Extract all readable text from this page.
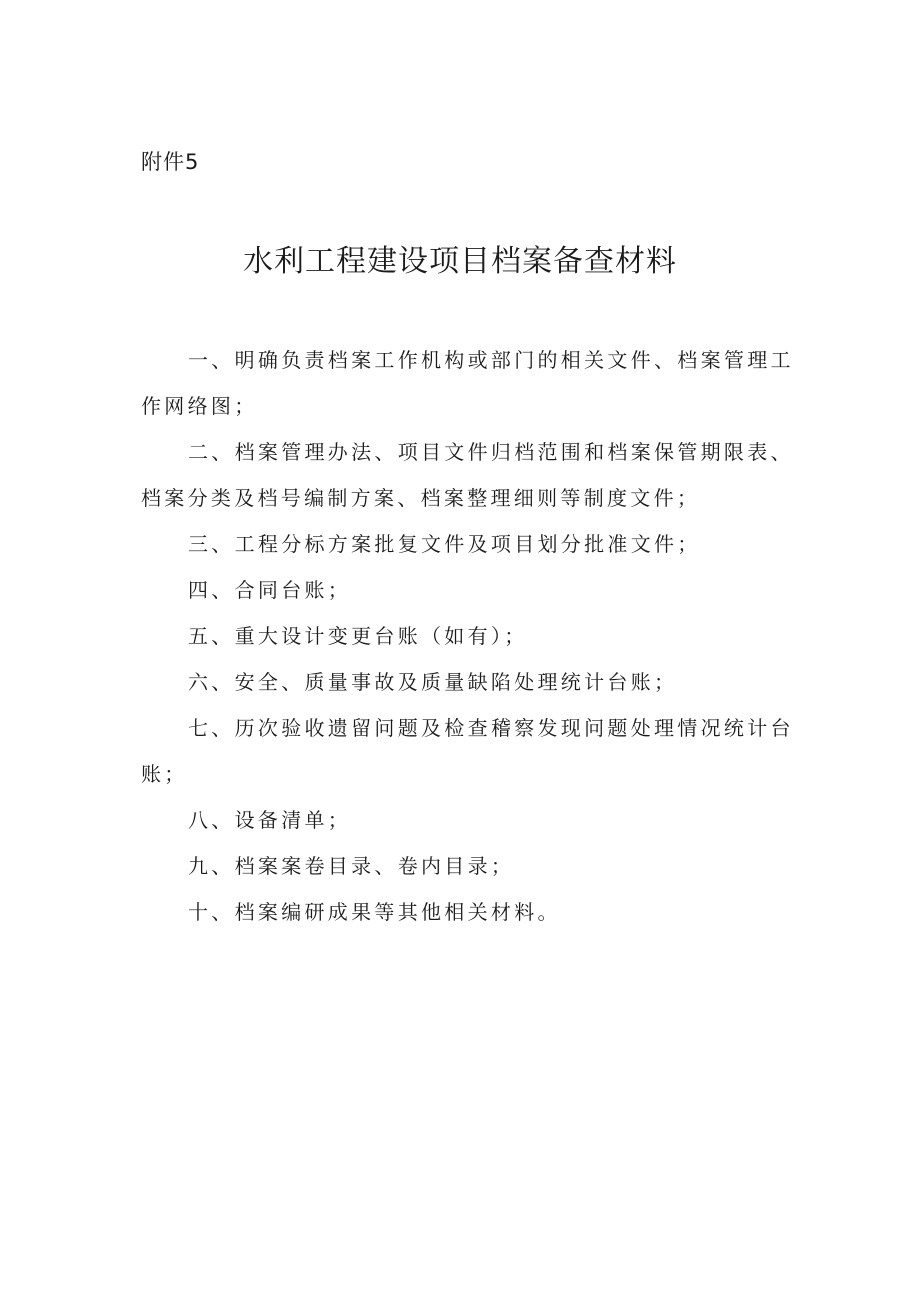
附件5
水利工程建设项目档案备查材料

一、明确负责档案工作机构或部门的相关文件、档案管理工作网络图；

二、档案管理办法、项目文件归档范围和档案保管期限表、档案分类及档号编制方案、档案整理细则等制度文件；

三、工程分标方案批复文件及项目划分批准文件；

四、合同台账；

五、重大设计变更台账（如有）；

六、安全、质量事故及质量缺陷处理统计台账；

七、历次验收遗留问题及检查稽察发现问题处理情况统计台账；

八、设备清单；

九、档案案卷目录、卷内目录；

十、档案编研成果等其他相关材料。
